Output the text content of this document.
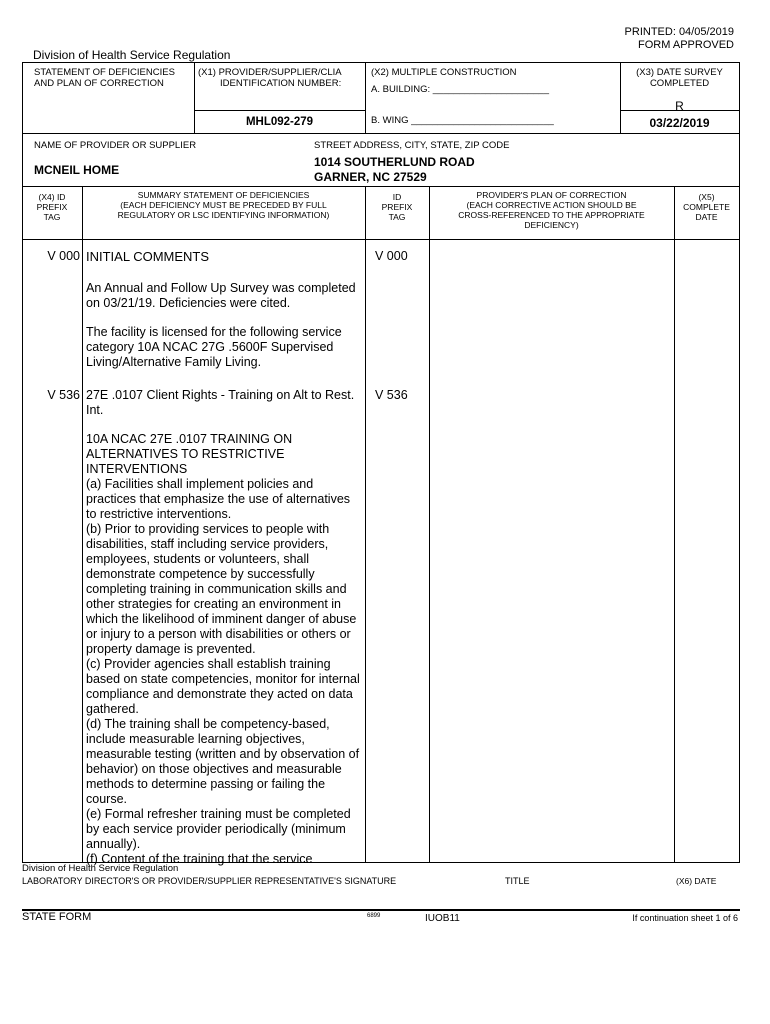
PRINTED: 04/05/2019
FORM APPROVED
Division of Health Service Regulation
STATEMENT OF DEFICIENCIES
AND PLAN OF CORRECTION
(X1) PROVIDER/SUPPLIER/CLIA
IDENTIFICATION NUMBER:
MHL092-279
(X2) MULTIPLE CONSTRUCTION
A. BUILDING: ______________________
B. WING ___________________________
(X3) DATE SURVEY
COMPLETED
R
03/22/2019
NAME OF PROVIDER OR SUPPLIER
MCNEIL HOME
STREET ADDRESS, CITY, STATE, ZIP CODE
1014 SOUTHERLUND ROAD
GARNER, NC 27529
(X4) ID
PREFIX
TAG
SUMMARY STATEMENT OF DEFICIENCIES
(EACH DEFICIENCY MUST BE PRECEDED BY FULL
REGULATORY OR LSC IDENTIFYING INFORMATION)
ID
PREFIX
TAG
PROVIDER'S PLAN OF CORRECTION
(EACH CORRECTIVE ACTION SHOULD BE
CROSS-REFERENCED TO THE APPROPRIATE
DEFICIENCY)
(X5)
COMPLETE
DATE
V 000	V 000
INITIAL COMMENTS
An Annual and Follow Up Survey was completed
on 03/21/19. Deficiencies were cited.
The facility is licensed for the following service
category 10A NCAC 27G .5600F Supervised
Living/Alternative Family Living.
V 536	V 536
27E .0107 Client Rights - Training on Alt to Rest.
Int.
10A NCAC 27E .0107 TRAINING ON
ALTERNATIVES TO RESTRICTIVE
INTERVENTIONS
(a) Facilities shall implement policies and
practices that emphasize the use of alternatives
to restrictive interventions.
(b) Prior to providing services to people with
disabilities, staff including service providers,
employees, students or volunteers, shall
demonstrate competence by successfully
completing training in communication skills and
other strategies for creating an environment in
which the likelihood of imminent danger of abuse
or injury to a person with disabilities or others or
property damage is prevented.
(c) Provider agencies shall establish training
based on state competencies, monitor for internal
compliance and demonstrate they acted on data
gathered.
(d) The training shall be competency-based,
include measurable learning objectives,
measurable testing (written and by observation of
behavior) on those objectives and measurable
methods to determine passing or failing the
course.
(e) Formal refresher training must be completed
by each service provider periodically (minimum
annually).
(f) Content of the training that the service
Division of Health Service Regulation
LABORATORY DIRECTOR'S OR PROVIDER/SUPPLIER REPRESENTATIVE'S SIGNATURE	TITLE	(X6) DATE
STATE FORM	6899	IUOB11	If continuation sheet 1 of 6
